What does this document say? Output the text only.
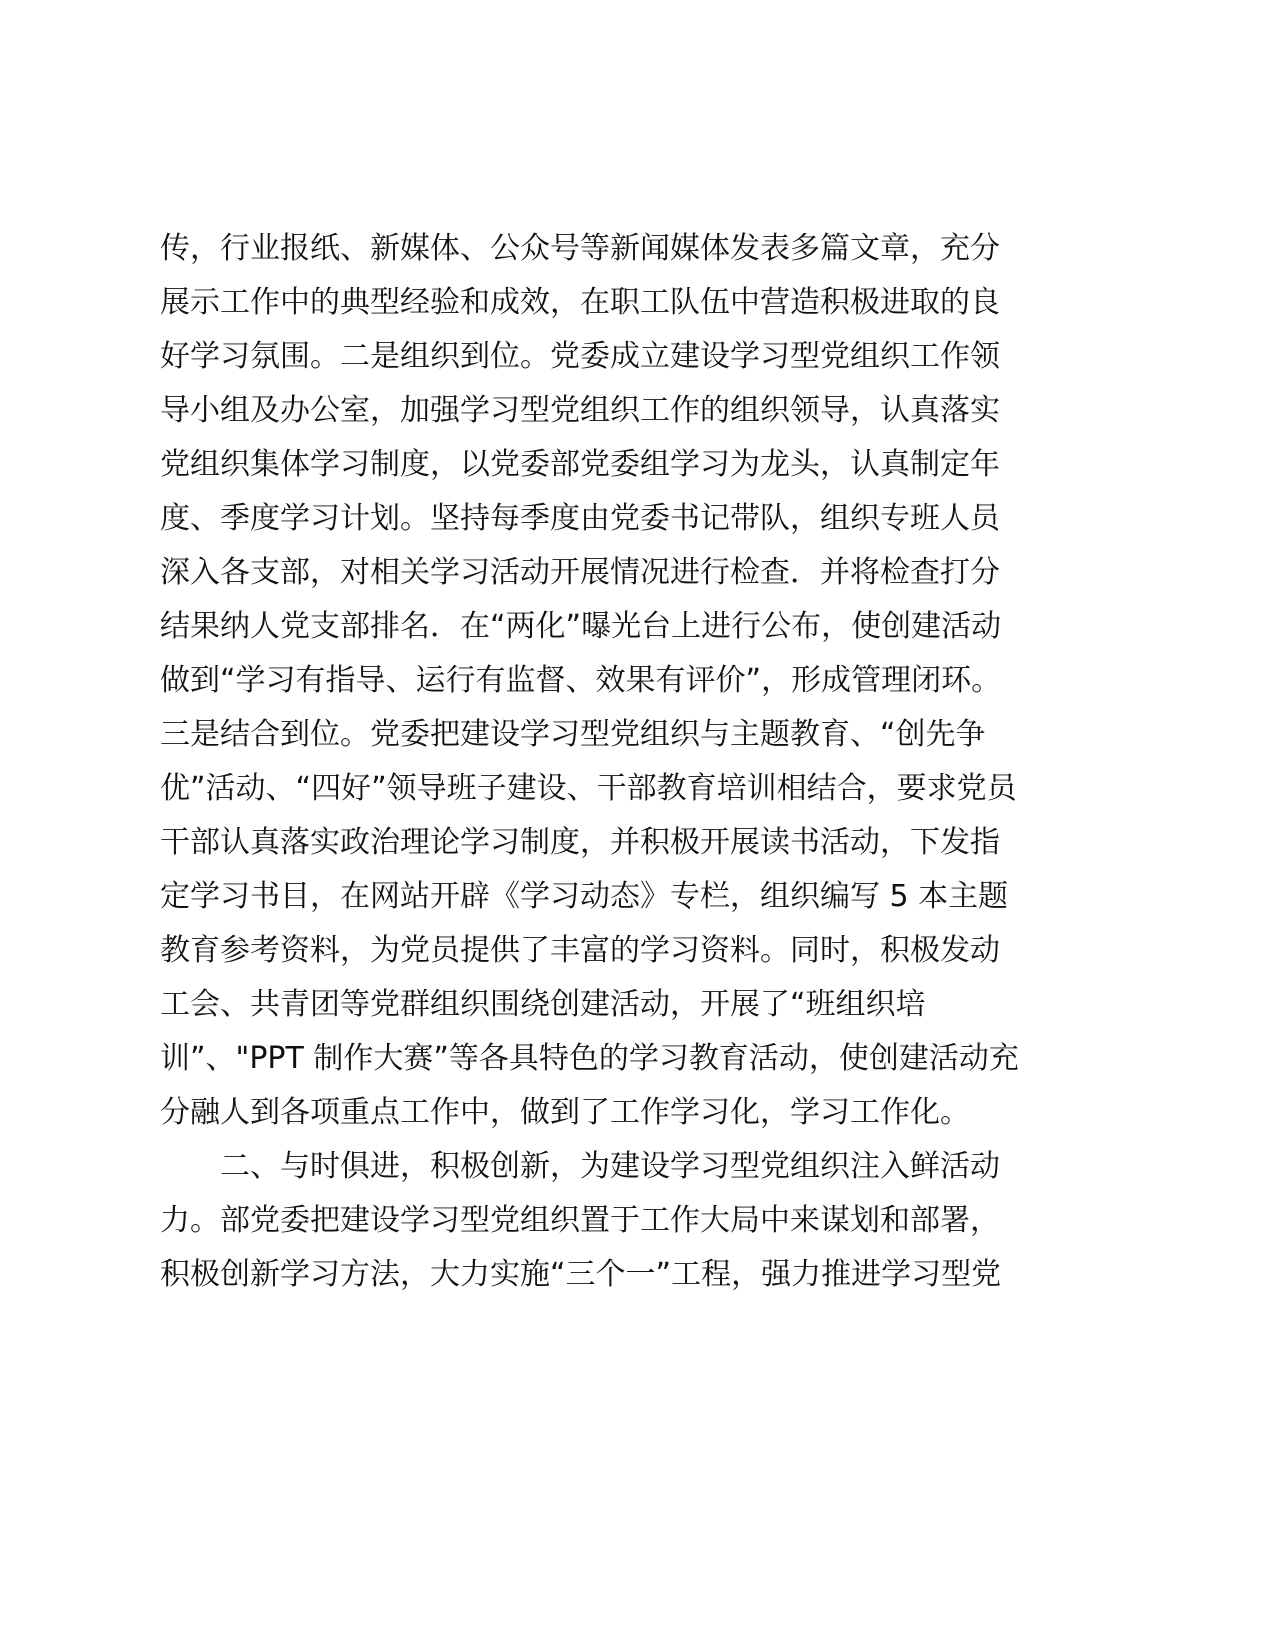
传，行业报纸、新媒体、公众号等新闻媒体发表多篇文章，充分
展示工作中的典型经验和成效，在职工队伍中营造积极进取的良
好学习氛围。二是组织到位。党委成立建设学习型党组织工作领
导小组及办公室，加强学习型党组织工作的组织领导，认真落实
党组织集体学习制度，以党委部党委组学习为龙头，认真制定年
度、季度学习计划。坚持每季度由党委书记带队，组织专班人员
深入各支部，对相关学习活动开展情况进行检查．并将检查打分
结果纳人党支部排名．在“两化”曝光台上进行公布，使创建活动
做到“学习有指导、运行有监督、效果有评价”，形成管理闭环。
三是结合到位。党委把建设学习型党组织与主题教育、“创先争
优”活动、“四好”领导班子建设、干部教育培训相结合，要求党员
干部认真落实政治理论学习制度，并积极开展读书活动，下发指
定学习书目，在网站开辟《学习动态》专栏，组织编写 5 本主题
教育参考资料，为党员提供了丰富的学习资料。同时，积极发动
工会、共青团等党群组织围绕创建活动，开展了“班组织培
训”、"PPT 制作大赛”等各具特色的学习教育活动，使创建活动充
分融人到各项重点工作中，做到了工作学习化，学习工作化。
二、与时俱进，积极创新，为建设学习型党组织注入鲜活动
力。部党委把建设学习型党组织置于工作大局中来谋划和部署，
积极创新学习方法，大力实施“三个一”工程，强力推进学习型党
